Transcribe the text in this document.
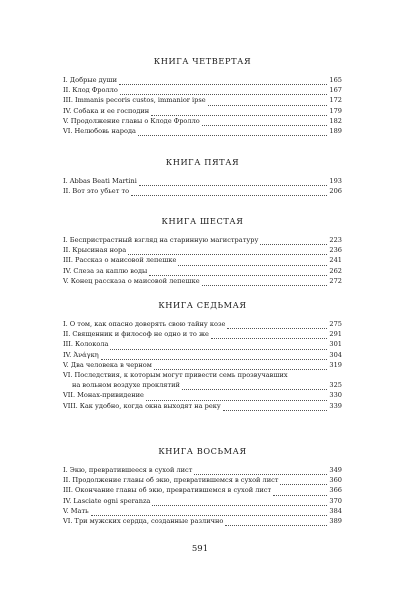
КНИГА ЧЕТВЕРТАЯ
I. Добрые души	165
II. Клод Фролло	167
III. Immanis pecoris custos, immanior ipse	172
IV. Собака и ее господин	179
V. Продолжение главы о Клоде Фролло	182
VI. Нелюбовь народа	189
КНИГА ПЯТАЯ
I. Abbas Beati Martini	193
II. Вот это убьет то	206
КНИГА ШЕСТАЯ
I. Беспристрастный взгляд на старинную магистратуру	223
II. Крысиная нора	236
III. Рассказ о маисовой лепешке	241
IV. Слеза за каплю воды	262
V. Конец рассказа о маисовой лепешке	272
КНИГА СЕДЬМАЯ
I. О том, как опасно доверять свою тайну козе	275
II. Священник и философ не одно и то же	291
III. Колокола	301
IV. Ἀνάγκη	304
V. Два человека в черном	319
VI. Последствия, к которым могут привести семь прозвучавших
на вольном воздухе проклятий	325
VII. Монах-привидение	330
VIII. Как удобно, когда окна выходят на реку	339
КНИГА ВОСЬМАЯ
I. Экю, превратившееся в сухой лист	349
II. Продолжение главы об экю, превратившемся в сухой лист	360
III. Окончание главы об экю, превратившемся в сухой лист	366
IV. Lasciate ogni speranza	370
V. Мать	384
VI. Три мужских сердца, созданные различно	389
591
